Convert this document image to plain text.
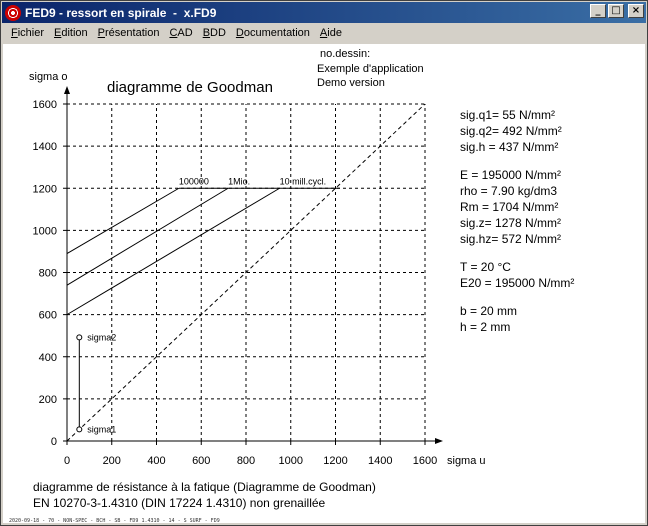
FED9 - ressort en spirale  -  x.FD9	_	□	×
Fichier Edition Présentation CAD BDD Documentation Aide
0	200 400 600 800 1000 1200 1400 1600
0
200
400
600
800
1000
1200
1400
1600
sigma o
sigma u
diagramme de Goodman
100000 1Mio.	10 mill.cycl.
sigma1
sigma2
no.dessin:
Exemple d'application
Demo version
sig.q1= 55 N/mm²
sig.q2= 492 N/mm²
sig.h = 437 N/mm²
E = 195000 N/mm²
rho = 7.90 kg/dm3
Rm = 1704 N/mm²
sig.z= 1278 N/mm²
sig.hz= 572 N/mm²
T = 20 °C
E20 = 195000 N/mm²
b = 20 mm
h = 2 mm
diagramme de résistance à la fatique (Diagramme de Goodman)
EN 10270-3-1.4310 (DIN 17224 1.4310) non grenaillée
2020-09-18 - 70 - NON-SPEC - BCH - SB - FD9 1.4310 - 14 - S SURF - FD9
